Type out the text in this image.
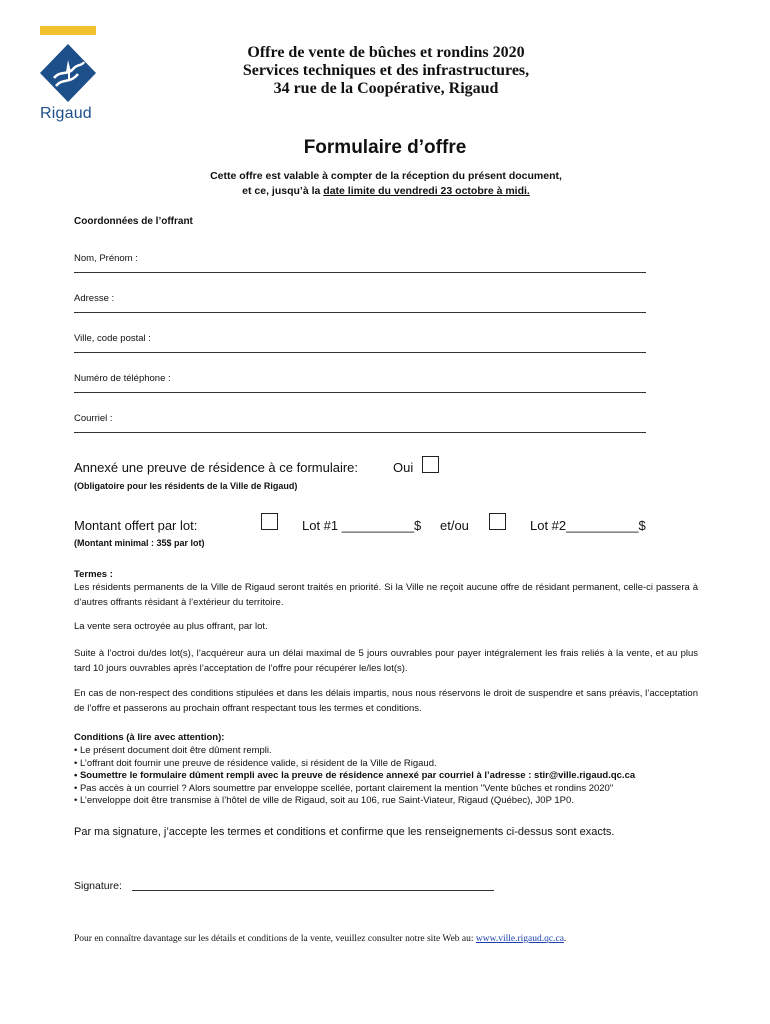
Rigaud
Offre de vente de bûches et rondins 2020
Services techniques et des infrastructures,
34 rue de la Coopérative, Rigaud
Formulaire d’offre
Cette offre est valable à compter de la réception du présent document,
et ce, jusqu’à la date limite du vendredi 23 octobre à midi.
Coordonnées de l’offrant
Nom, Prénom :
Adresse :
Ville, code postal :
Numéro de téléphone :
Courriel :
Annexé une preuve de résidence à ce formulaire:	Oui
(Obligatoire pour les résidents de la Ville de Rigaud)
Montant offert par lot:	Lot #1 __________$ et/ou	Lot #2__________$
(Montant minimal : 35$ par lot)
Termes :
Les résidents permanents de la Ville de Rigaud seront traités en priorité. Si la Ville ne reçoit aucune offre de résidant permanent, celle-ci passera à d’autres offrants résidant à l’extérieur du territoire.
La vente sera octroyée au plus offrant, par lot.
Suite à l’octroi du/des lot(s), l’acquéreur aura un délai maximal de 5 jours ouvrables pour payer intégralement les frais reliés à la vente, et au plus tard 10 jours ouvrables après l’acceptation de l’offre pour récupérer le/les lot(s).
En cas de non-respect des conditions stipulées et dans les délais impartis, nous nous réservons le droit de suspendre et sans préavis, l’acceptation de l’offre et passerons au prochain offrant respectant tous les termes et conditions.
Conditions (à lire avec attention):
• Le présent document doit être dûment rempli.
• L’offrant doit fournir une preuve de résidence valide, si résident de la Ville de Rigaud.
• Soumettre le formulaire dûment rempli avec la preuve de résidence annexé par courriel à l’adresse : stir@ville.rigaud.qc.ca
• Pas accès à un courriel ? Alors soumettre par enveloppe scellée, portant clairement la mention "Vente bûches et rondins 2020"
• L’enveloppe doit être transmise à l’hôtel de ville de Rigaud, soit au 106, rue Saint-Viateur, Rigaud (Québec), J0P 1P0.
Par ma signature, j’accepte les termes et conditions et confirme que les renseignements ci-dessus sont exacts.
Signature:
Pour en connaître davantage sur les détails et conditions de la vente, veuillez consulter notre site Web au: www.ville.rigaud.qc.ca.
